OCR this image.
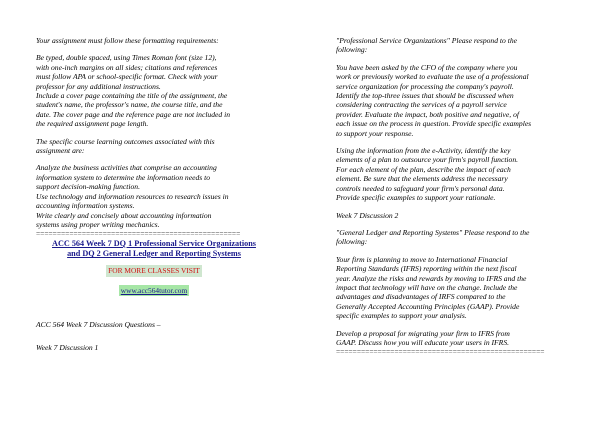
Your assignment must follow these formatting requirements:

Be typed, double spaced, using Times Roman font (size 12),
with one-inch margins on all sides; citations and references
must follow APA or school-specific format. Check with your
professor for any additional instructions.
Include a cover page containing the title of the assignment, the
student's name, the professor's name, the course title, and the
date. The cover page and the reference page are not included in
the required assignment page length.

The specific course learning outcomes associated with this
assignment are:

Analyze the business activities that comprise an accounting
information system to determine the information needs to
support decision-making function.
Use technology and information resources to research issues in
accounting information systems.
Write clearly and concisely about accounting information
systems using proper writing mechanics.

=================================================
ACC 564 Week 7 DQ 1 Professional Service Organizations
and DQ 2 General Ledger and Reporting Systems
FOR MORE CLASSES VISIT
www.acc564tutor.com

ACC 564 Week 7 Discussion Questions –

Week 7 Discussion 1

"Professional Service Organizations" Please respond to the
following:

You have been asked by the CFO of the company where you
work or previously worked to evaluate the use of a professional
service organization for processing the company's payroll.
Identify the top-three issues that should be discussed when
considering contracting the services of a payroll service
provider. Evaluate the impact, both positive and negative, of
each issue on the process in question. Provide specific examples
to support your response.

Using the information from the e-Activity, identify the key
elements of a plan to outsource your firm's payroll function.
For each element of the plan, describe the impact of each
element. Be sure that the elements address the necessary
controls needed to safeguard your firm's personal data.
Provide specific examples to support your rationale.

Week 7 Discussion 2

"General Ledger and Reporting Systems" Please respond to the
following:

Your firm is planning to move to International Financial
Reporting Standards (IFRS) reporting within the next fiscal
year. Analyze the risks and rewards by moving to IFRS and the
impact that technology will have on the change. Include the
advantages and disadvantages of IRFS compared to the
Generally Accepted Accounting Principles (GAAP). Provide
specific examples to support your analysis.

Develop a proposal for migrating your firm to IFRS from
GAAP. Discuss how you will educate your users in IFRS.

==================================================
